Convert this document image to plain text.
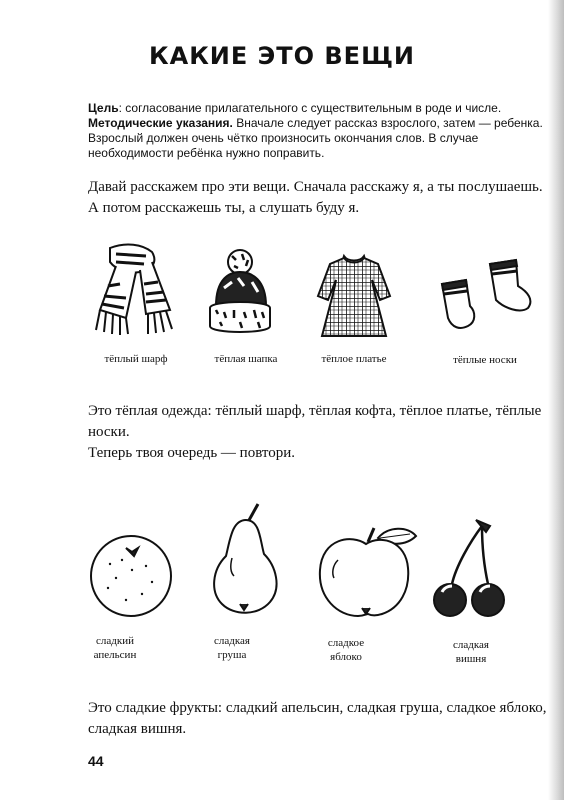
КАКИЕ ЭТО ВЕЩИ
Цель: согласование прилагательного с существительным в роде и числе.
Методические указания. Вначале следует рассказ взрослого, затем — ребенка. Взрослый должен очень чётко произносить окончания слов. В случае необходимости ребёнка нужно поправить.
Давай расскажем про эти вещи. Сначала расскажу я, а ты послушаешь. А потом расскажешь ты, а слушать буду я.
тёплый шарф	тёплая шапка	тёплое платье	тёплые носки
Это тёплая одежда: тёплый шарф, тёплая кофта, тёплое платье, тёплые носки.
Теперь твоя очередь — повтори.
сладкий
апельсин
сладкая
груша
сладкое
яблоко
сладкая
вишня
Это сладкие фрукты: сладкий апельсин, сладкая груша, сладкое яблоко, сладкая вишня.
44
